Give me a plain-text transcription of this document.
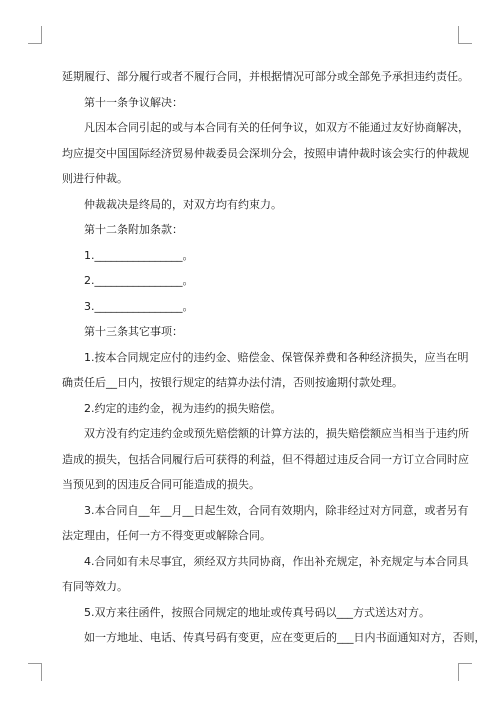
延期履行、部分履行或者不履行合同，并根据情况可部分或全部免予承担违约责任。
第十一条争议解决：
凡因本合同引起的或与本合同有关的任何争议，如双方不能通过友好协商解决，
均应提交中国国际经济贸易仲裁委员会深圳分会，按照申请仲裁时该会实行的仲裁规
则进行仲裁。
仲裁裁决是终局的，对双方均有约束力。
第十二条附加条款：
1.________________。
2.________________。
3.________________。
第十三条其它事项：
1.按本合同规定应付的违约金、赔偿金、保管保养费和各种经济损失，应当在明
确责任后__日内，按银行规定的结算办法付清，否则按逾期付款处理。
2.约定的违约金，视为违约的损失赔偿。
双方没有约定违约金或预先赔偿额的计算方法的，损失赔偿额应当相当于违约所
造成的损失，包括合同履行后可获得的利益，但不得超过违反合同一方订立合同时应
当预见到的因违反合同可能造成的损失。
3.本合同自__年__月__日起生效，合同有效期内，除非经过对方同意，或者另有
法定理由，任何一方不得变更或解除合同。
4.合同如有未尽事宜，须经双方共同协商，作出补充规定，补充规定与本合同具
有同等效力。
5.双方来往函件，按照合同规定的地址或传真号码以___方式送达对方。
如一方地址、电话、传真号码有变更，应在变更后的___日内书面通知对方，否则，
